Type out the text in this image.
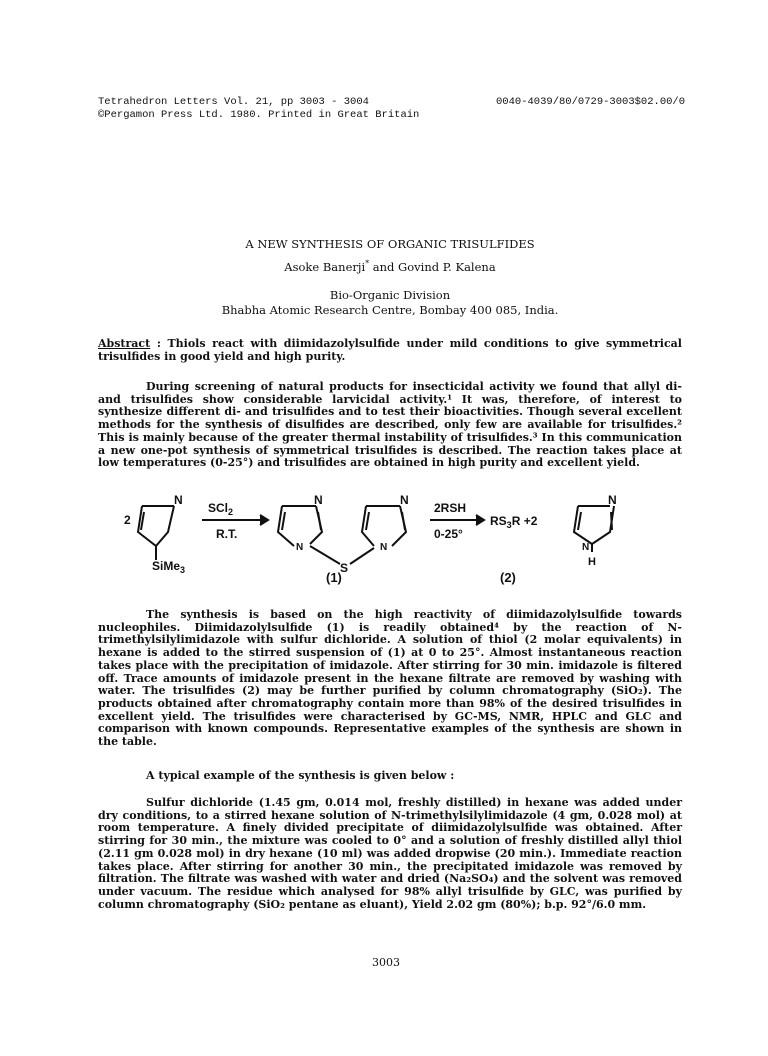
Tetrahedron Letters Vol. 21, pp 3003 - 3004
©Pergamon Press Ltd. 1980. Printed in Great Britain
0040-4039/80/0729-3003$02.00/0
A NEW SYNTHESIS OF ORGANIC TRISULFIDES
Asoke Banerji* and Govind P. Kalena
Bio-Organic Division
Bhabha Atomic Research Centre, Bombay 400 085, India.

Abstract : Thiols react with diimidazolylsulfide under mild conditions to give symmetrical trisulfides in good yield and high purity.

During screening of natural products for insecticidal activity we found that allyl di- and trisulfides show considerable larvicidal activity.¹ It was, therefore, of interest to synthesize different di- and trisulfides and to test their bioactivities. Though several excellent methods for the synthesis of disulfides are described, only few are available for trisulfides.² This is mainly because of the greater thermal instability of trisulfides.³ In this communication a new one-pot synthesis of symmetrical trisulfides is described. The reaction takes place at low temperatures (0-25°) and trisulfides are obtained in high purity and excellent yield.

2
N
SiMe$_3$
SCl$_2$
R.T.
N
N
S
N
N
(1)
2RSH
0-25°
$RS_3R +2$
(2)
N
N
H

The synthesis is based on the high reactivity of diimidazolylsulfide towards nucleophiles. Diimidazolylsulfide (1) is readily obtained⁴ by the reaction of N-trimethylsilylimidazole with sulfur dichloride. A solution of thiol (2 molar equivalents) in hexane is added to the stirred suspension of (1) at 0 to 25°. Almost instantaneous reaction takes place with the precipitation of imidazole. After stirring for 30 min. imidazole is filtered off. Trace amounts of imidazole present in the hexane filtrate are removed by washing with water. The trisulfides (2) may be further purified by column chromatography (SiO₂). The products obtained after chromatography contain more than 98% of the desired trisulfides in excellent yield. The trisulfides were characterised by GC-MS, NMR, HPLC and GLC and comparison with known compounds. Representative examples of the synthesis are shown in the table.

A typical example of the synthesis is given below :

Sulfur dichloride (1.45 gm, 0.014 mol, freshly distilled) in hexane was added under dry conditions, to a stirred hexane solution of N-trimethylsilylimidazole (4 gm, 0.028 mol) at room temperature. A finely divided precipitate of diimidazolylsulfide was obtained. After stirring for 30 min., the mixture was cooled to 0° and a solution of freshly distilled allyl thiol (2.11 gm 0.028 mol) in dry hexane (10 ml) was added dropwise (20 min.). Immediate reaction takes place. After stirring for another 30 min., the precipitated imidazole was removed by filtration. The filtrate was washed with water and dried (Na₂SO₄) and the solvent was removed under vacuum. The residue which analysed for 98% allyl trisulfide by GLC, was purified by column chromatography (SiO₂ pentane as eluant), Yield 2.02 gm (80%); b.p. 92°/6.0 mm.

3003
